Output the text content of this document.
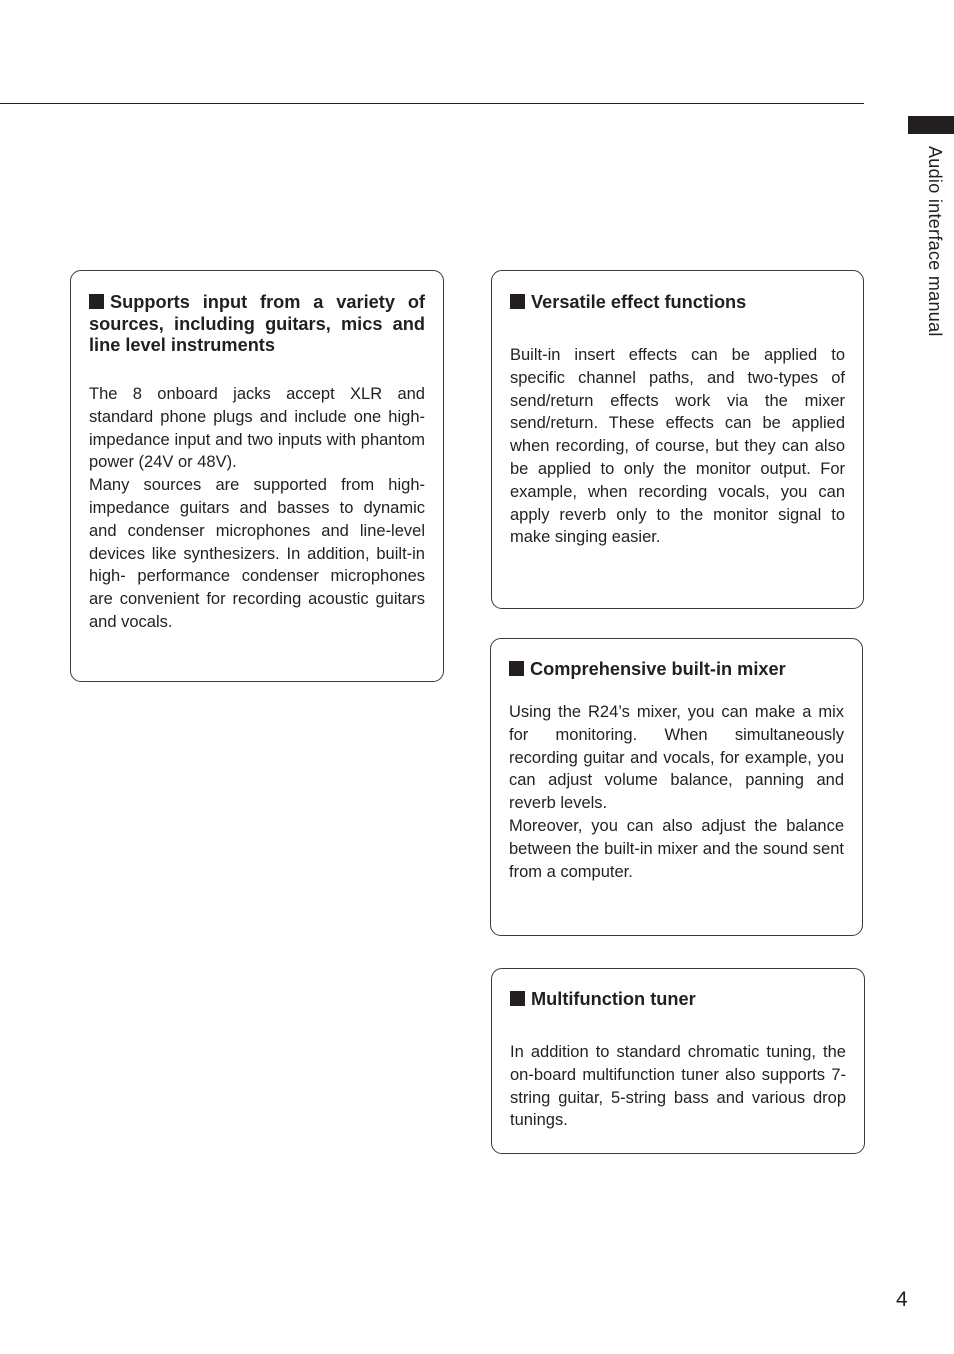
Audio interface manual
Supports input from a variety of sources, including guitars, mics and line level instruments

The 8 onboard jacks accept XLR and standard phone plugs and include one high-impedance input and two inputs with phantom power (24V or 48V).

Many sources are supported from high-impedance guitars and basses to dynamic and condenser microphones and line-level devices like synthesizers. In addition, built-in high- performance condenser microphones are convenient for recording acoustic guitars and vocals.

Versatile effect functions

Built-in insert effects can be applied to specific channel paths, and two-types of send/return effects work via the mixer send/return. These effects can be applied when recording, of course, but they can also be applied to only the monitor output. For example, when recording vocals, you can apply reverb only to the monitor signal to make singing easier.

Comprehensive built-in mixer

Using the R24’s mixer, you can make a mix for monitoring. When simultaneously recording guitar and vocals, for example, you can adjust volume balance, panning and reverb levels.

Moreover, you can also adjust the balance between the built-in mixer and the sound sent from a computer.

Multifunction tuner

In addition to standard chromatic tuning, the on-board multifunction tuner also supports 7-string guitar, 5-string bass and various drop tunings.

4
